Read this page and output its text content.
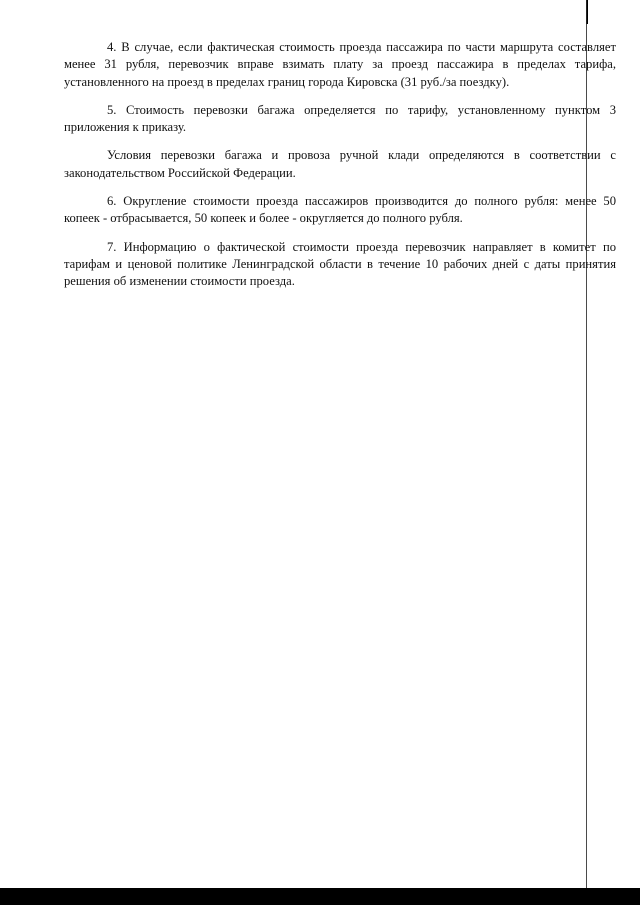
4. В случае, если фактическая стоимость проезда пассажира по части маршрута составляет менее 31 рубля, перевозчик вправе взимать плату за проезд пассажира в пределах тарифа, установленного на проезд в пределах границ города Кировска (31 руб./за поездку).

5. Стоимость перевозки багажа определяется по тарифу, установленному пунктом 3 приложения к приказу.

Условия перевозки багажа и провоза ручной клади определяются в соответствии с законодательством Российской Федерации.

6. Округление стоимости проезда пассажиров производится до полного рубля: менее 50 копеек - отбрасывается, 50 копеек и более - округляется до полного рубля.

7. Информацию о фактической стоимости проезда перевозчик направляет в комитет по тарифам и ценовой политике Ленинградской области в течение 10 рабочих дней с даты принятия решения об изменении стоимости проезда.
